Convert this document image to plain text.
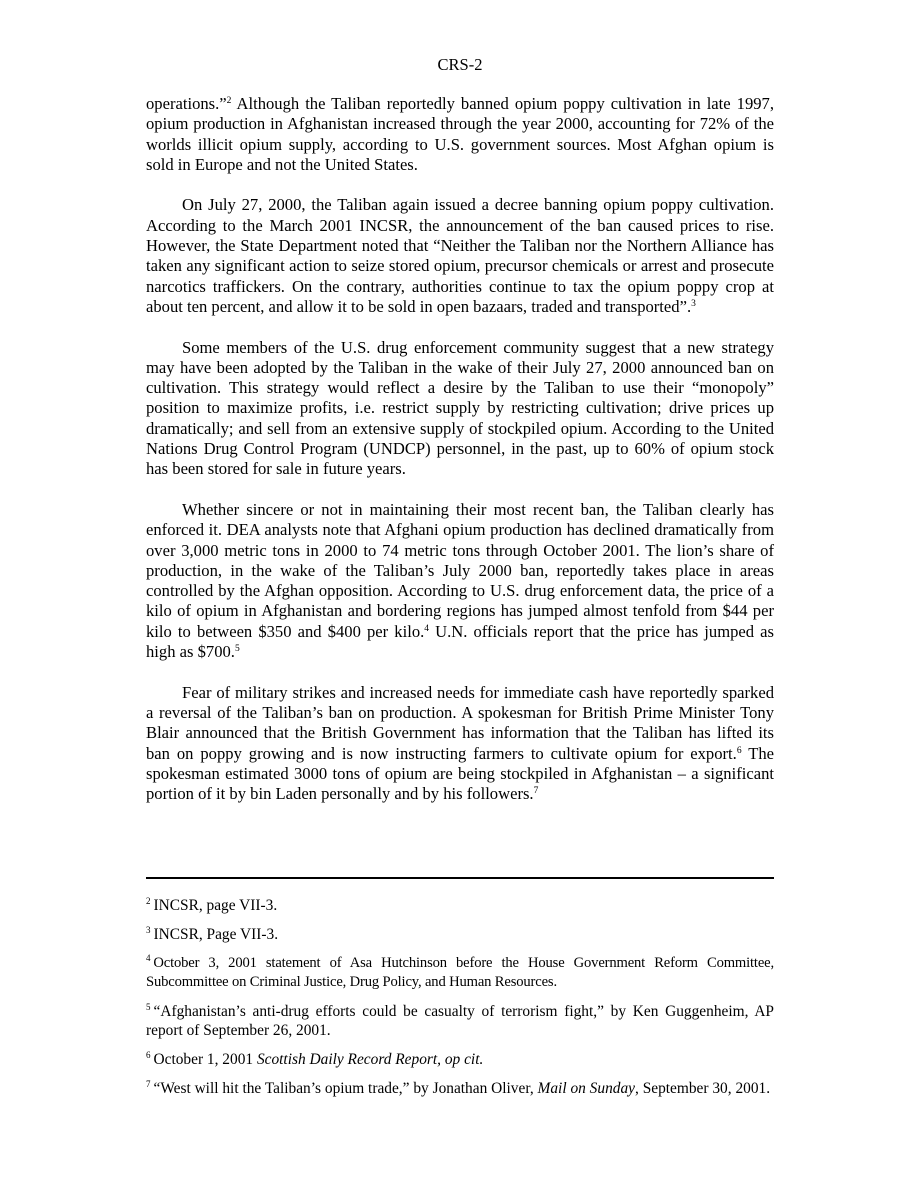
CRS-2

operations.”$^2$ Although the Taliban reportedly banned opium poppy cultivation in late 1997, opium production in Afghanistan increased through the year 2000, accounting for 72% of the worlds illicit opium supply, according to U.S. government sources. Most Afghan opium is sold in Europe and not the United States.

On July 27, 2000, the Taliban again issued a decree banning opium poppy cultivation. According to the March 2001 INCSR, the announcement of the ban caused prices to rise. However, the State Department noted that “Neither the Taliban nor the Northern Alliance has taken any significant action to seize stored opium, precursor chemicals or arrest and prosecute narcotics traffickers. On the contrary, authorities continue to tax the opium poppy crop at about ten percent, and allow it to be sold in open bazaars, traded and transported”.$^3$

Some members of the U.S. drug enforcement community suggest that a new strategy may have been adopted by the Taliban in the wake of their July 27, 2000 announced ban on cultivation. This strategy would reflect a desire by the Taliban to use their “monopoly” position to maximize profits, i.e. restrict supply by restricting cultivation; drive prices up dramatically; and sell from an extensive supply of stockpiled opium. According to the United Nations Drug Control Program (UNDCP) personnel, in the past, up to 60% of opium stock has been stored for sale in future years.

Whether sincere or not in maintaining their most recent ban, the Taliban clearly has enforced it. DEA analysts note that Afghani opium production has declined dramatically from over 3,000 metric tons in 2000 to 74 metric tons through October 2001. The lion’s share of production, in the wake of the Taliban’s July 2000 ban, reportedly takes place in areas controlled by the Afghan opposition. According to U.S. drug enforcement data, the price of a kilo of opium in Afghanistan and bordering regions has jumped almost tenfold from $44 per kilo to between $350 and $400 per kilo.$^4$ U.N. officials report that the price has jumped as high as $700.$^5$

Fear of military strikes and increased needs for immediate cash have reportedly sparked a reversal of the Taliban’s ban on production. A spokesman for British Prime Minister Tony Blair announced that the British Government has information that the Taliban has lifted its ban on poppy growing and is now instructing farmers to cultivate opium for export.$^6$ The spokesman estimated 3000 tons of opium are being stockpiled in Afghanistan – a significant portion of it by bin Laden personally and by his followers.$^7$

$^2$ INCSR, page VII-3.
$^3$ INCSR, Page VII-3.
$^4$ October 3, 2001 statement of Asa Hutchinson before the House Government Reform Committee, Subcommittee on Criminal Justice, Drug Policy, and Human Resources.
$^5$ “Afghanistan’s anti-drug efforts could be casualty of terrorism fight,” by Ken Guggenheim, AP report of September 26, 2001.
$^6$ October 1, 2001 Scottish Daily Record Report, op cit.
$^7$ “West will hit the Taliban’s opium trade,” by Jonathan Oliver, Mail on Sunday, September 30, 2001.
